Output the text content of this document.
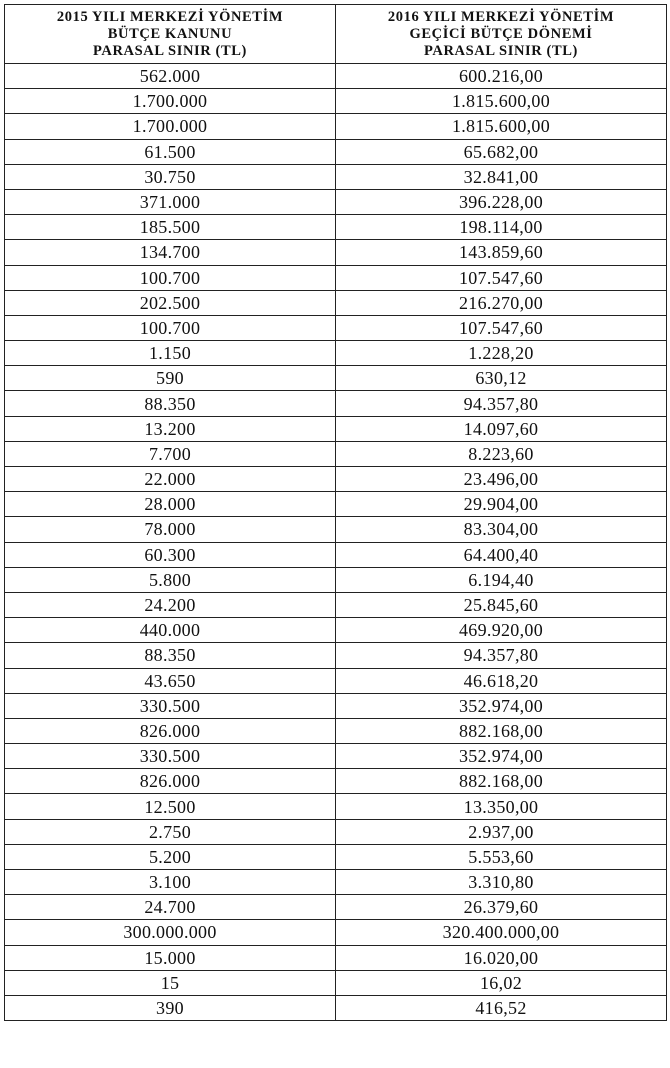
2015 YILI MERKEZİ YÖNETİM
BÜTÇE KANUNU
PARASAL SINIR (TL)	2016 YILI MERKEZİ YÖNETİM
GEÇİCİ BÜTÇE DÖNEMİ
PARASAL SINIR (TL)

562.000	600.216,00
1.700.000	1.815.600,00
1.700.000	1.815.600,00
61.500	65.682,00
30.750	32.841,00
371.000	396.228,00
185.500	198.114,00
134.700	143.859,60
100.700	107.547,60
202.500	216.270,00
100.700	107.547,60
1.150	1.228,20
590	630,12
88.350	94.357,80
13.200	14.097,60
7.700	8.223,60
22.000	23.496,00
28.000	29.904,00
78.000	83.304,00
60.300	64.400,40
5.800	6.194,40
24.200	25.845,60
440.000	469.920,00
88.350	94.357,80
43.650	46.618,20
330.500	352.974,00
826.000	882.168,00
330.500	352.974,00
826.000	882.168,00
12.500	13.350,00
2.750	2.937,00
5.200	5.553,60
3.100	3.310,80
24.700	26.379,60
300.000.000	320.400.000,00
15.000	16.020,00
15	16,02
390	416,52
